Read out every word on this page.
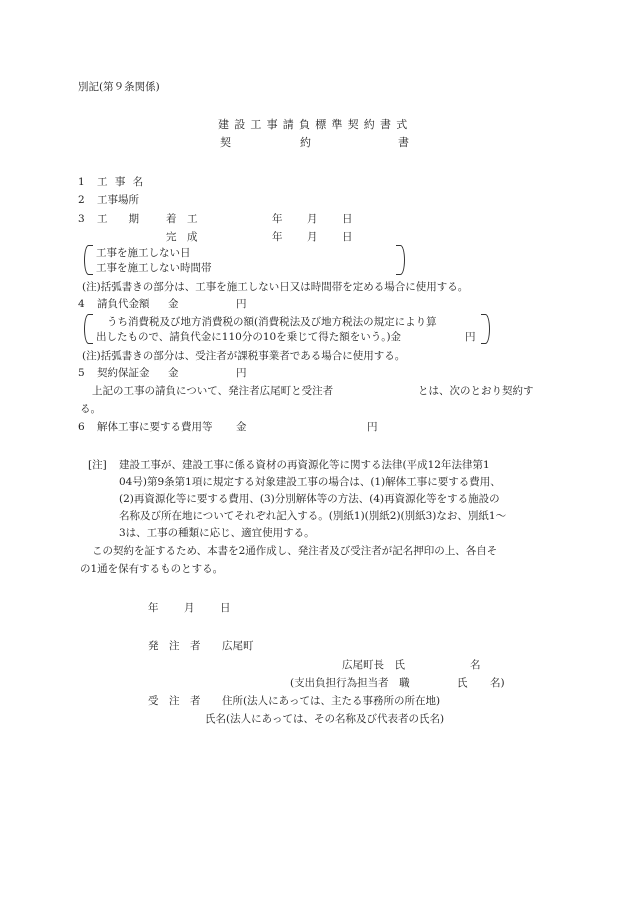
別記(第９条関係)
建設工事請負標準契約書式
契	約	書
1 工 事 名
2 工事場所
3 工　　期	着　工	年 月 日
完　成	年 月 日
工事を施工しない日
工事を施工しない時間帯
(注)括弧書きの部分は、工事を施工しない日又は時間帯を定める場合に使用する。
4 請負代金額 金	円
うち消費税及び地方消費税の額(消費税法及び地方税法の規定により算
出したもので、請負代金に110分の10を乗じて得た額をいう。)金	円
(注)括弧書きの部分は、受注者が課税事業者である場合に使用する。
5 契約保証金 金	円
上記の工事の請負について、発注者広尾町と受注者	とは、次のとおり契約す
る。
6 解体工事に要する費用等 金	円
[注] 建設工事が、建設工事に係る資材の再資源化等に関する法律(平成12年法律第1
04号)第9条第1項に規定する対象建設工事の場合は、(1)解体工事に要する費用、
(2)再資源化等に要する費用、(3)分別解体等の方法、(4)再資源化等をする施設の
名称及び所在地についてそれぞれ記入する。(別紙1)(別紙2)(別紙3)なお、別紙1～
3は、工事の種類に応じ、適宜使用する。
この契約を証するため、本書を2通作成し、発注者及び受注者が記名押印の上、各自そ
の1通を保有するものとする。
年 月 日
発　注　者 広尾町
広尾町長　氏	名
(支出負担行為担当者　職	氏 名)
受　注　者 住所(法人にあっては、主たる事務所の所在地)
氏名(法人にあっては、その名称及び代表者の氏名)
